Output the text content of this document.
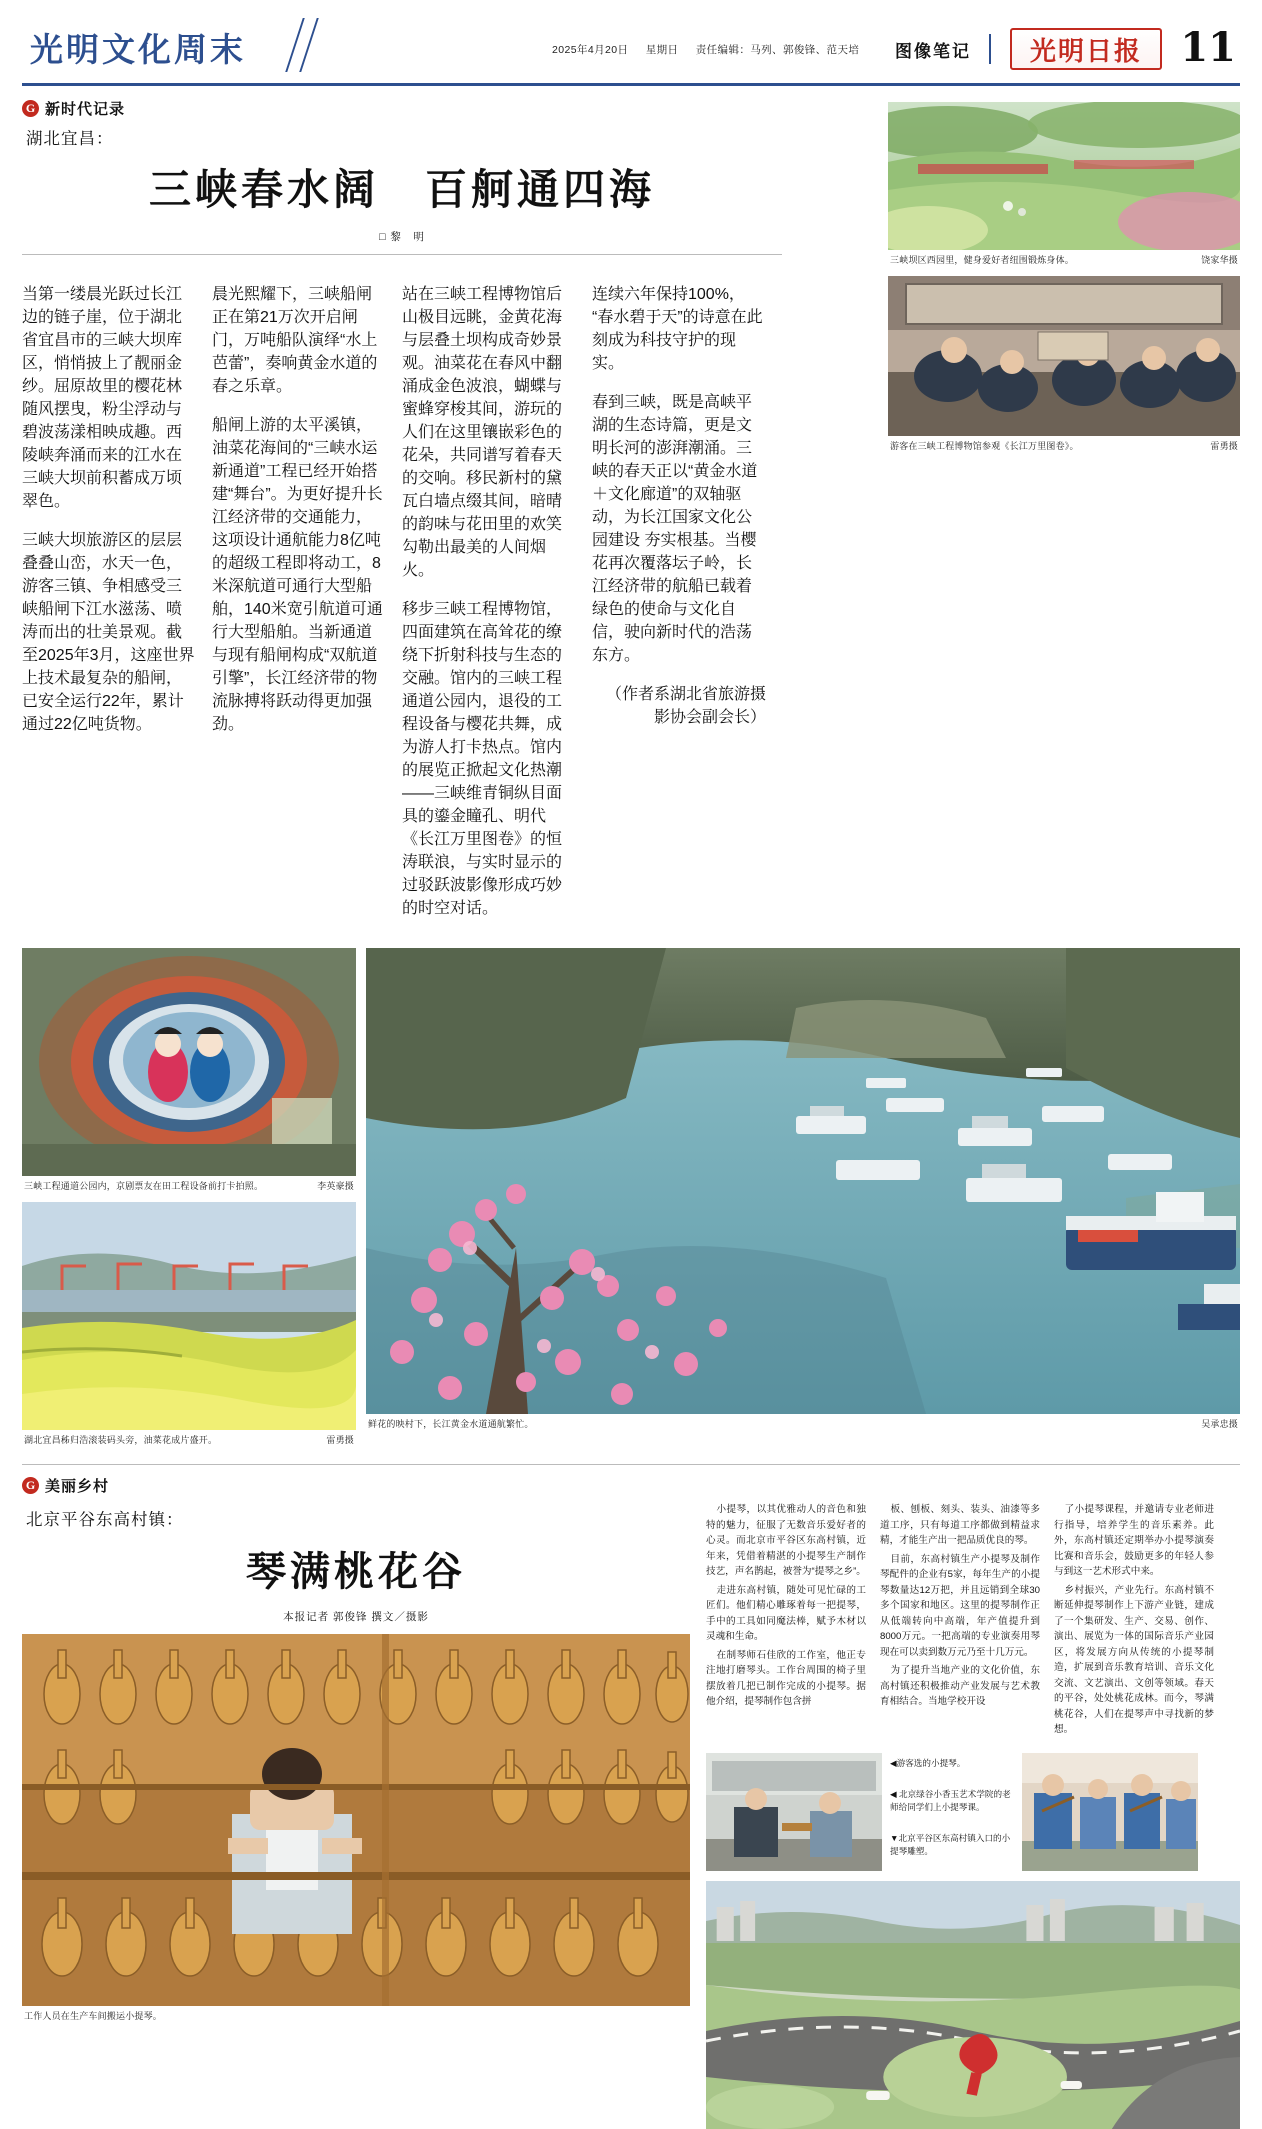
光明文化周末	2025年4月20日 星期日 责任编辑：马列、郭俊锋、范天培	图像笔记	光明日报 11
G 新时代记录
湖北宜昌：
三峡春水阔　百舸通四海
□ 黎　明

当第一缕晨光跃过长江边的链子崖，位于湖北省宜昌市的三峡大坝库区，悄悄披上了靓丽金纱。屈原故里的樱花林随风摆曳，粉尘浮动与碧波荡漾相映成趣。西陵峡奔涌而来的江水在三峡大坝前积蓄成万顷翠色。

三峡大坝旅游区的层层叠叠山峦，水天一色，游客三镇、争相感受三峡船闸下江水滋荡、喷涛而出的壮美景观。截至2025年3月，这座世界上技术最复杂的船闸，已安全运行22年，累计通过22亿吨货物。

晨光熙耀下，三峡船闸正在第21万次开启闸门，万吨船队演绎“水上芭蕾”，奏响黄金水道的春之乐章。

船闸上游的太平溪镇，油菜花海间的“三峡水运新通道”工程已经开始搭建“舞台”。为更好提升长江经济带的交通能力，这项设计通航能力8亿吨的超级工程即将动工，8米深航道可通行大型船舶，140米宽引航道可通行大型船舶。当新通道与现有船闸构成“双航道引擎”，长江经济带的物流脉搏将跃动得更加强劲。

站在三峡工程博物馆后山极目远眺，金黄花海与层叠土坝构成奇妙景观。油菜花在春风中翻涌成金色波浪，蝴蝶与蜜蜂穿梭其间，游玩的人们在这里镶嵌彩色的花朵，共同谱写着春天的交响。移民新村的黛瓦白墙点缀其间，暗晴的韵味与花田里的欢笑勾勒出最美的人间烟火。

移步三峡工程博物馆，四面建筑在高耸花的缭绕下折射科技与生态的交融。馆内的三峡工程通道公园内，退役的工程设备与樱花共舞，成为游人打卡热点。馆内的展览正掀起文化热潮——三峡维青铜纵目面具的鎏金瞳孔、明代《长江万里图卷》的恒涛联浪，与实时显示的过驳跃波影像形成巧妙的时空对话。

连续六年保持100%，“春水碧于天”的诗意在此刻成为科技守护的现实。

春到三峡，既是高峡平湖的生态诗篇，更是文明长河的澎湃潮涌。三峡的春天正以“黄金水道＋文化廊道”的双轴驱动，为长江国家文化公园建设 夯实根基。当樱花再次覆落坛子岭，长江经济带的航船已载着绿色的使命与文化自信，驶向新时代的浩荡东方。

（作者系湖北省旅游摄影协会副会长）

三峡坝区西园里，健身爱好者纽围锻炼身体。	饶家华摄
游客在三峡工程博物馆参观《长江万里图卷》。	雷勇摄
三峡工程通道公园内，京剧票友在田工程设备前打卡拍照。	李英豪摄
湖北宜昌秭归浩滚装码头旁，油菜花成片盛开。	雷勇摄
鲜花的映村下，长江黄金水道通航繁忙。	吴承忠摄
G 美丽乡村
北京平谷东高村镇：
琴满桃花谷
本报记者 郭俊锋 撰文／摄影
工作人员在生产车间搬运小提琴。

小提琴，以其优雅动人的音色和独特的魅力，征服了无数音乐爱好者的心灵。而北京市平谷区东高村镇，近年来，凭借着精湛的小提琴生产制作技艺，声名鹊起，被誉为“提琴之乡”。

走进东高村镇，随处可见忙碌的工匠们。他们精心雕琢着每一把提琴，手中的工具如同魔法棒，赋予木材以灵魂和生命。

在制琴师石佳欣的工作室，他正专注地打磨琴头。工作台周围的椅子里摆放着几把已制作完成的小提琴。据他介绍，提琴制作包含拼

板、刨板、刻头、装头、油漆等多道工序，只有每道工序都做到精益求精，才能生产出一把品质优良的琴。

目前，东高村镇生产小提琴及制作琴配件的企业有5家，每年生产的小提琴数量达12万把，并且远销到全球30多个国家和地区。这里的提琴制作正从低端转向中高端，年产值提升到8000万元。一把高端的专业演奏用琴现在可以卖到数万元乃至十几万元。

为了提升当地产业的文化价值，东高村镇还积极推动产业发展与艺术教育相结合。当地学校开设

了小提琴课程，并邀请专业老师进行指导，培养学生的音乐素养。此外，东高村镇还定期举办小提琴演奏比赛和音乐会，鼓励更多的年轻人参与到这一艺术形式中来。

乡村振兴，产业先行。东高村镇不断延伸提琴制作上下游产业链，建成了一个集研发、生产、交易、创作、演出、展览为一体的国际音乐产业园区，将发展方向从传统的小提琴制造，扩展到音乐教育培训、音乐文化交流、文艺演出、文创等领域。春天的平谷，处处桃花成林。而今，琴满桃花谷，人们在提琴声中寻找新的梦想。

◀游客选的小提琴。
◀ 北京绿谷小香玉艺术学院的老师给同学们上小提琴课。
▼北京平谷区东高村镇入口的小提琴雕塑。
